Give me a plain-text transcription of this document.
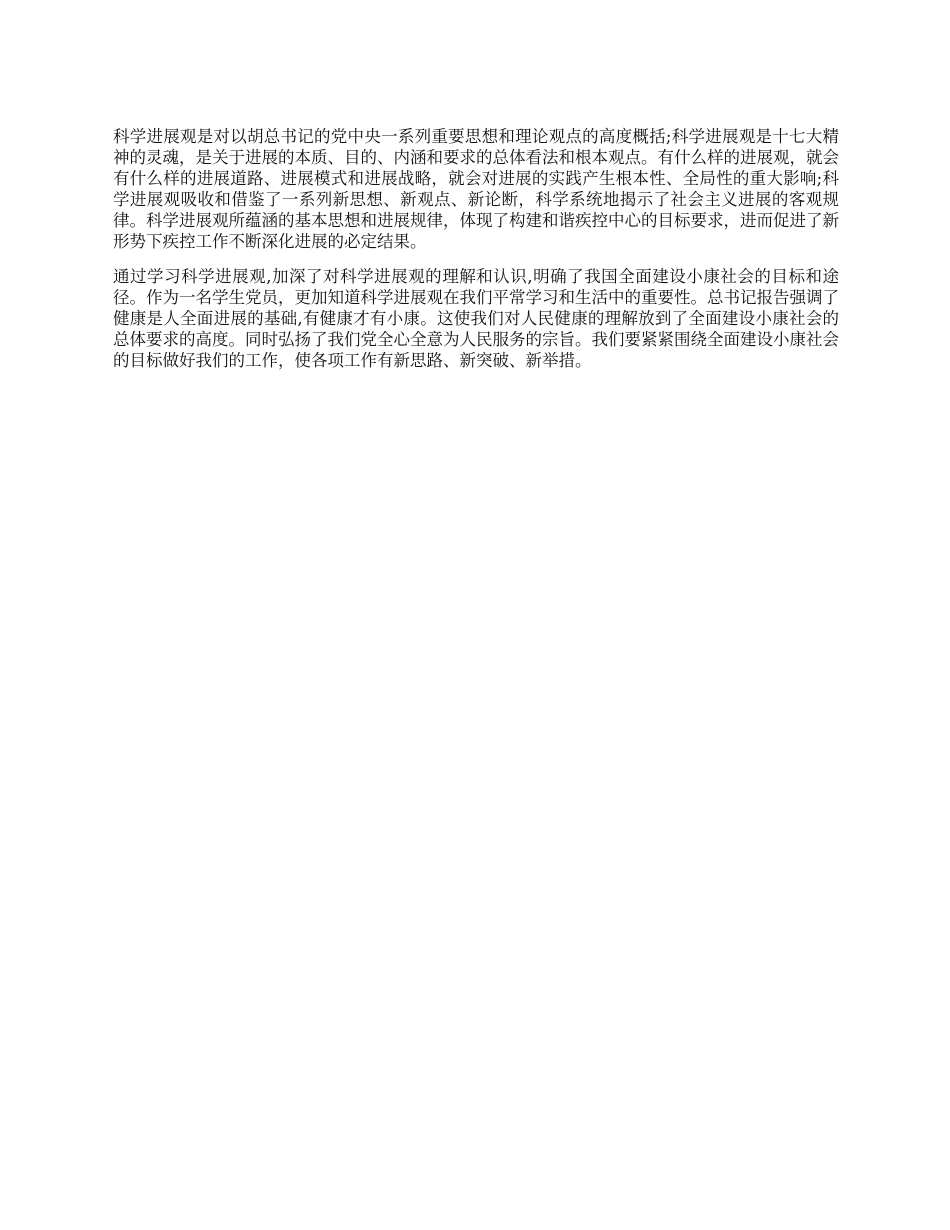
科学进展观是对以胡总书记的党中央一系列重要思想和理论观点的高度概括;科学进展观是十七大精神的灵魂，是关于进展的本质、目的、内涵和要求的总体看法和根本观点。有什么样的进展观，就会有什么样的进展道路、进展模式和进展战略，就会对进展的实践产生根本性、全局性的重大影响;科学进展观吸收和借鉴了一系列新思想、新观点、新论断，科学系统地揭示了社会主义进展的客观规律。科学进展观所蕴涵的基本思想和进展规律，体现了构建和谐疾控中心的目标要求，进而促进了新形势下疾控工作不断深化进展的必定结果。

通过学习科学进展观,加深了对科学进展观的理解和认识,明确了我国全面建设小康社会的目标和途径。作为一名学生党员，更加知道科学进展观在我们平常学习和生活中的重要性。总书记报告强调了健康是人全面进展的基础,有健康才有小康。这使我们对人民健康的理解放到了全面建设小康社会的总体要求的高度。同时弘扬了我们党全心全意为人民服务的宗旨。我们要紧紧围绕全面建设小康社会的目标做好我们的工作，使各项工作有新思路、新突破、新举措。
